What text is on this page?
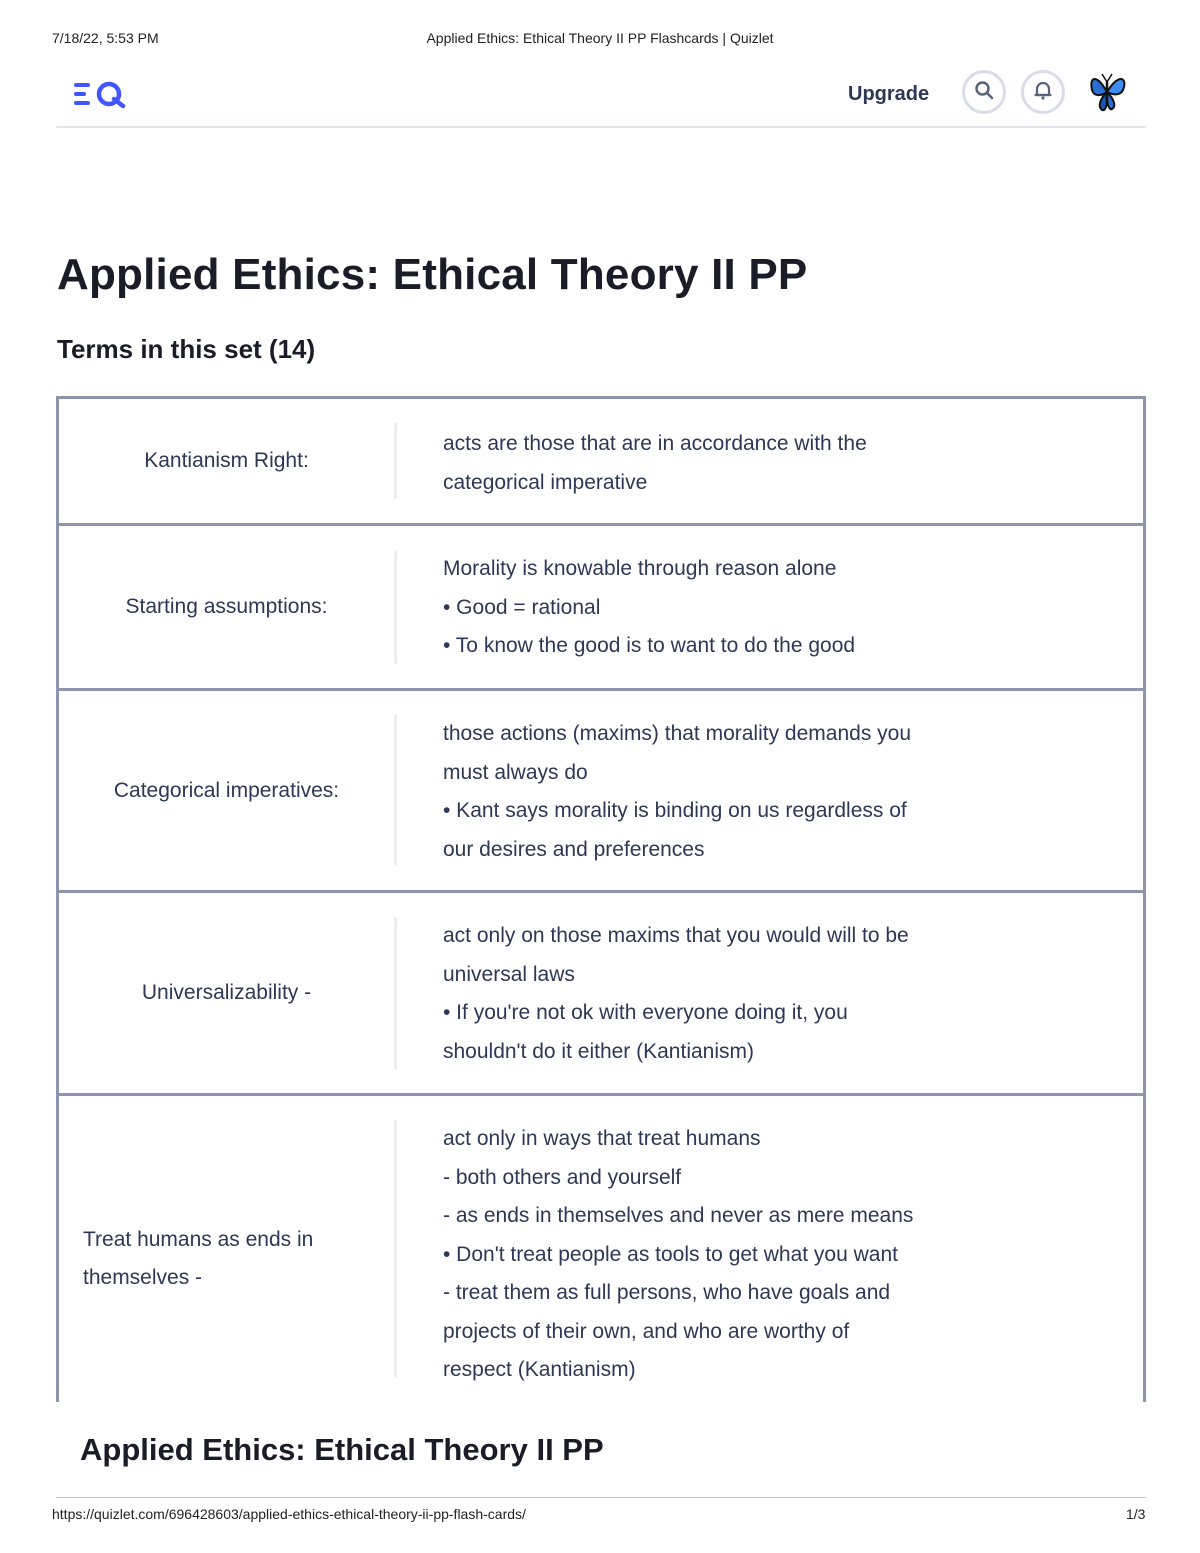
7/18/22, 5:53 PM	Applied Ethics: Ethical Theory II PP Flashcards | Quizlet
Upgrade
Applied Ethics: Ethical Theory II PP
Terms in this set (14)
Kantianism Right:
acts are those that are in accordance with the
categorical imperative
Starting assumptions:
Morality is knowable through reason alone
• Good = rational
• To know the good is to want to do the good
Categorical imperatives:
those actions (maxims) that morality demands you
must always do
• Kant says morality is binding on us regardless of
our desires and preferences
Universalizability -
act only on those maxims that you would will to be
universal laws
• If you're not ok with everyone doing it, you
shouldn't do it either (Kantianism)
Treat humans as ends in themselves -
act only in ways that treat humans
- both others and yourself
- as ends in themselves and never as mere means
• Don't treat people as tools to get what you want
- treat them as full persons, who have goals and
projects of their own, and who are worthy of
respect (Kantianism)
Applied Ethics: Ethical Theory II PP
https://quizlet.com/696428603/applied-ethics-ethical-theory-ii-pp-flash-cards/	1/3
